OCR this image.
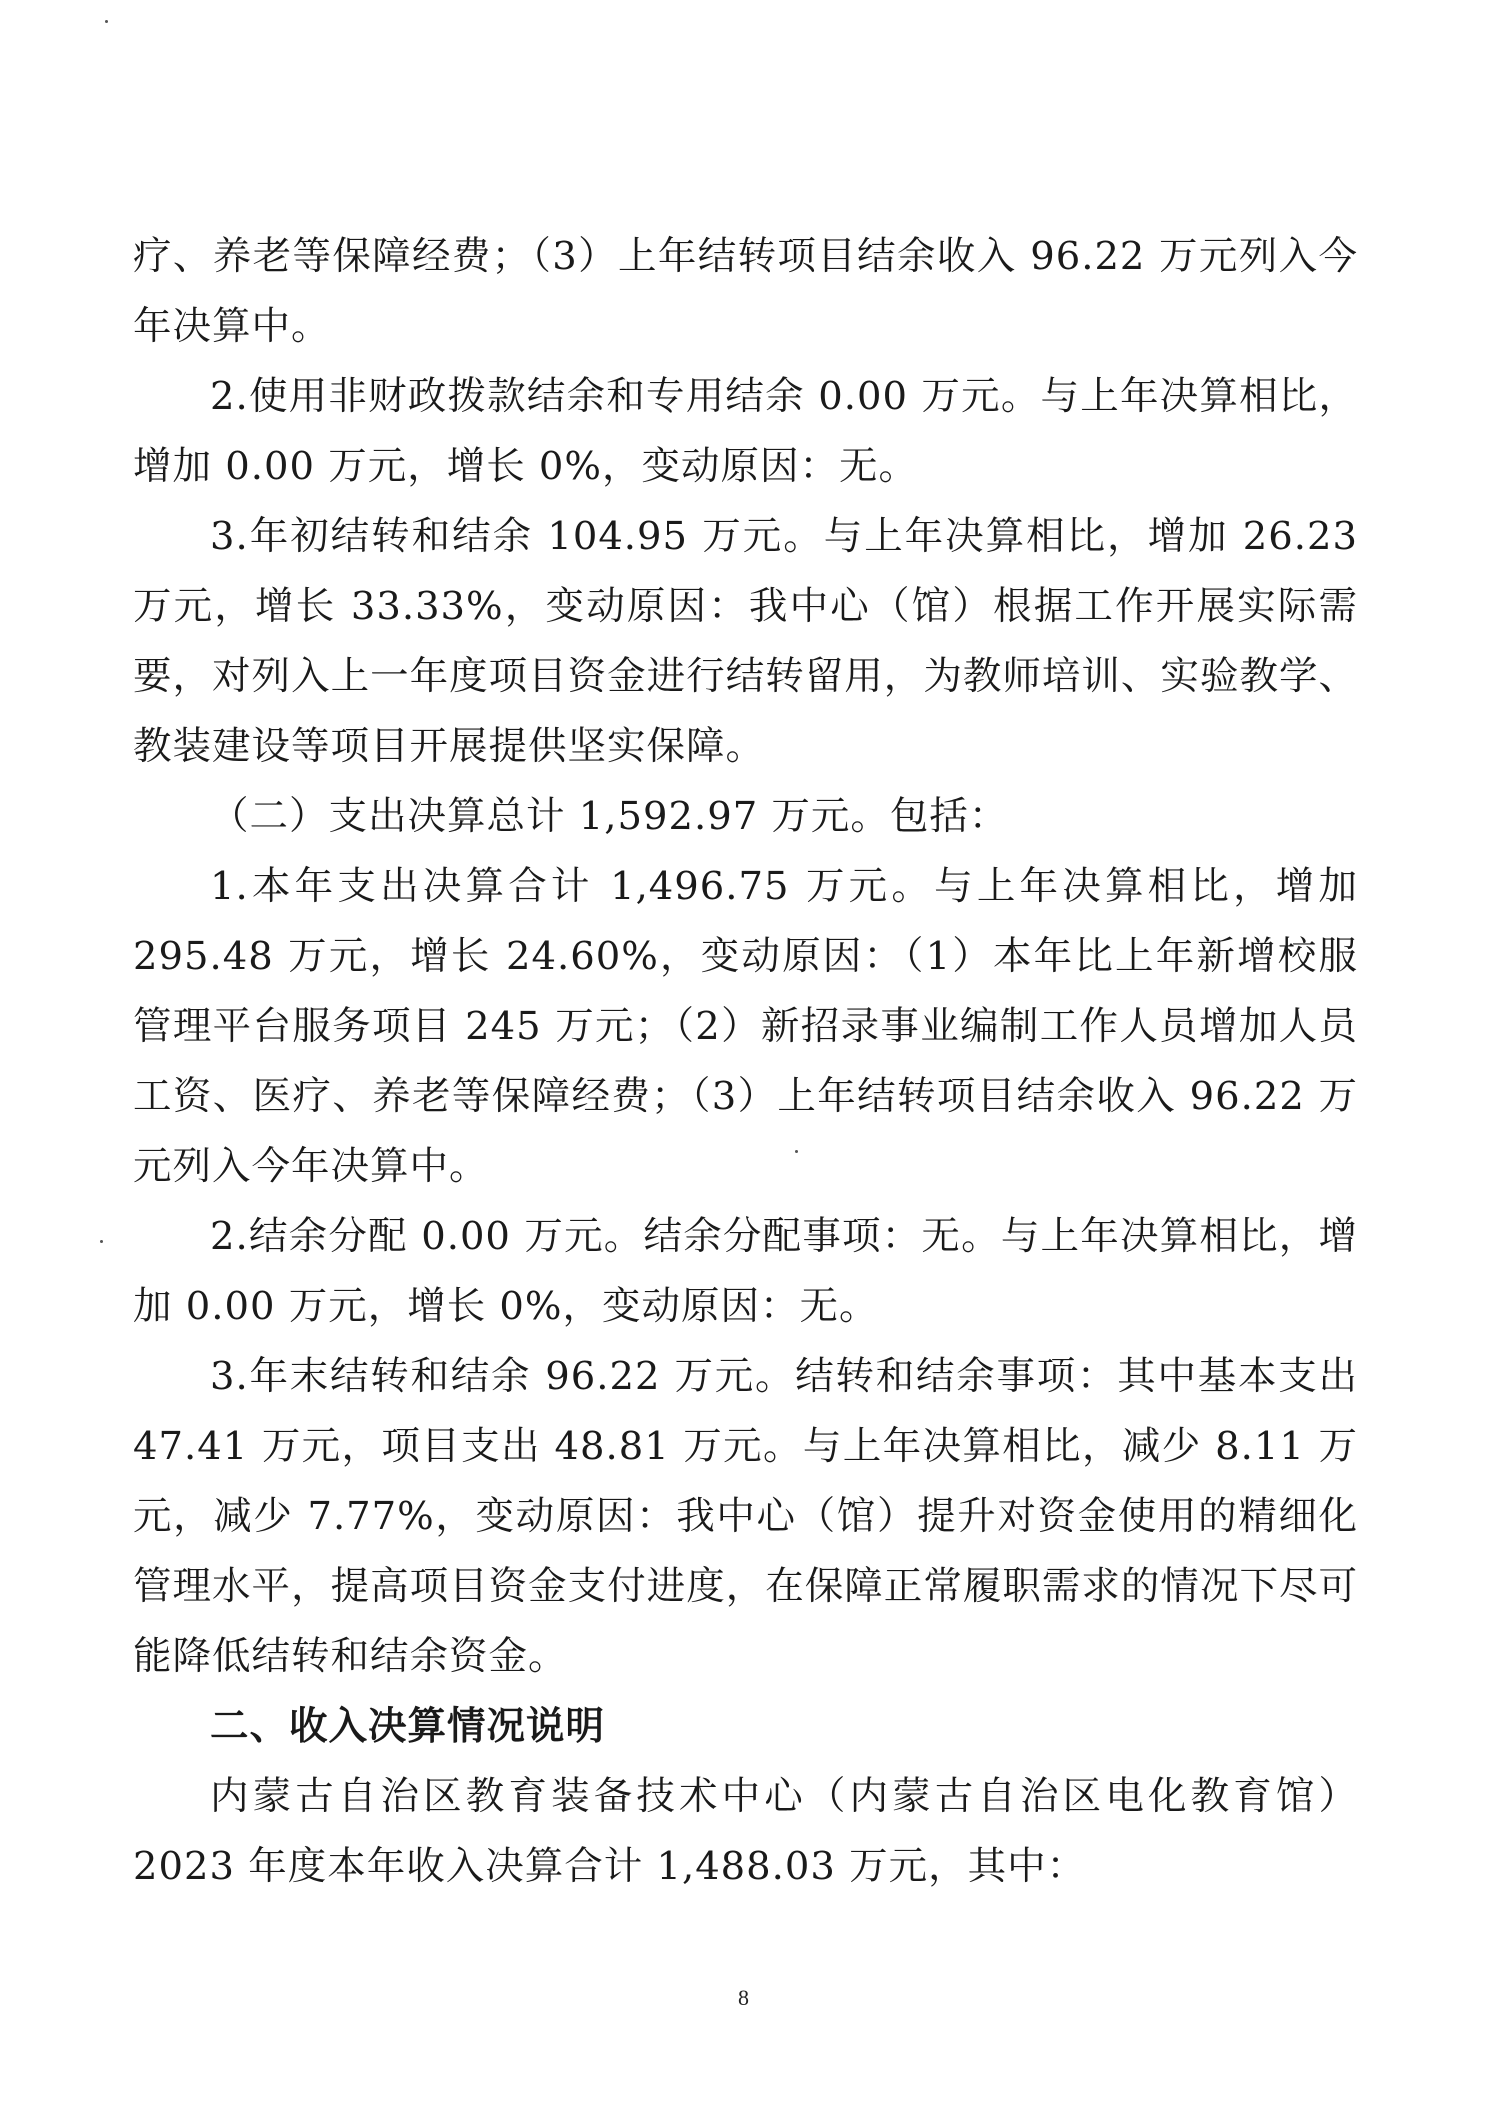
疗、养老等保障经费；（3）上年结转项目结余收入 96.22 万元列入今年决算中。

2.使用非财政拨款结余和专用结余 0.00 万元。与上年决算相比，增加 0.00 万元，增长 0%，变动原因：无。

3.年初结转和结余 104.95 万元。与上年决算相比，增加 26.23 万元，增长 33.33%，变动原因：我中心（馆）根据工作开展实际需要，对列入上一年度项目资金进行结转留用，为教师培训、实验教学、教装建设等项目开展提供坚实保障。

（二）支出决算总计 1,592.97 万元。包括：

1.本年支出决算合计 1,496.75 万元。与上年决算相比，增加 295.48 万元，增长 24.60%，变动原因：（1）本年比上年新增校服管理平台服务项目 245 万元；（2）新招录事业编制工作人员增加人员工资、医疗、养老等保障经费；（3）上年结转项目结余收入 96.22 万元列入今年决算中。

2.结余分配 0.00 万元。结余分配事项：无。与上年决算相比，增加 0.00 万元，增长 0%，变动原因：无。

3.年末结转和结余 96.22 万元。结转和结余事项：其中基本支出 47.41 万元，项目支出 48.81 万元。与上年决算相比，减少 8.11 万元，减少 7.77%，变动原因：我中心（馆）提升对资金使用的精细化管理水平，提高项目资金支付进度，在保障正常履职需求的情况下尽可能降低结转和结余资金。

二、收入决算情况说明

内蒙古自治区教育装备技术中心（内蒙古自治区电化教育馆）2023 年度本年收入决算合计 1,488.03 万元，其中：

8
